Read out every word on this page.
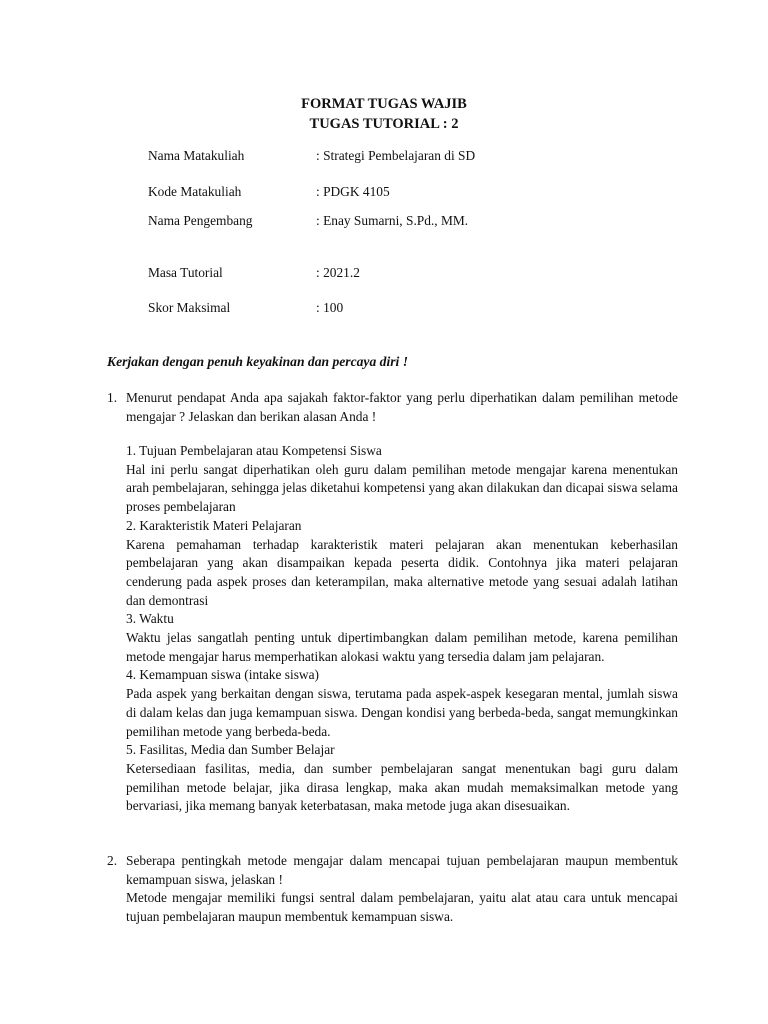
FORMAT TUGAS WAJIB
TUGAS TUTORIAL : 2
Nama Matakuliah	: Strategi Pembelajaran di SD
Kode Matakuliah	: PDGK 4105
Nama Pengembang	: Enay Sumarni, S.Pd., MM.
Masa Tutorial	: 2021.2
Skor Maksimal	: 100
Kerjakan dengan penuh keyakinan dan percaya diri !
1. Menurut pendapat Anda apa sajakah faktor-faktor yang perlu diperhatikan dalam pemilihan metode mengajar ? Jelaskan dan berikan alasan Anda !

1. Tujuan Pembelajaran atau Kompetensi Siswa

Hal ini perlu sangat diperhatikan oleh guru dalam pemilihan metode mengajar karena menentukan arah pembelajaran, sehingga jelas diketahui kompetensi yang akan dilakukan dan dicapai siswa selama proses pembelajaran

2. Karakteristik Materi Pelajaran

Karena pemahaman terhadap karakteristik materi pelajaran akan menentukan keberhasilan pembelajaran yang akan disampaikan kepada peserta didik. Contohnya jika materi pelajaran cenderung pada aspek proses dan keterampilan, maka alternative metode yang sesuai adalah latihan dan demontrasi

3. Waktu

Waktu jelas sangatlah penting untuk dipertimbangkan dalam pemilihan metode, karena pemilihan metode mengajar harus memperhatikan alokasi waktu yang tersedia dalam jam pelajaran.

4. Kemampuan siswa (intake siswa)

Pada aspek yang berkaitan dengan siswa, terutama pada aspek-aspek kesegaran mental, jumlah siswa di dalam kelas dan juga kemampuan siswa. Dengan kondisi yang berbeda-beda, sangat memungkinkan pemilihan metode yang berbeda-beda.

5. Fasilitas, Media dan Sumber Belajar

Ketersediaan fasilitas, media, dan sumber pembelajaran sangat menentukan bagi guru dalam pemilihan metode belajar, jika dirasa lengkap, maka akan mudah memaksimalkan metode yang bervariasi, jika memang banyak keterbatasan, maka metode juga akan disesuaikan.

2. Seberapa pentingkah metode mengajar dalam mencapai tujuan pembelajaran maupun membentuk kemampuan siswa, jelaskan !

Metode mengajar memiliki fungsi sentral dalam pembelajaran, yaitu alat atau cara untuk mencapai tujuan pembelajaran maupun membentuk kemampuan siswa.
